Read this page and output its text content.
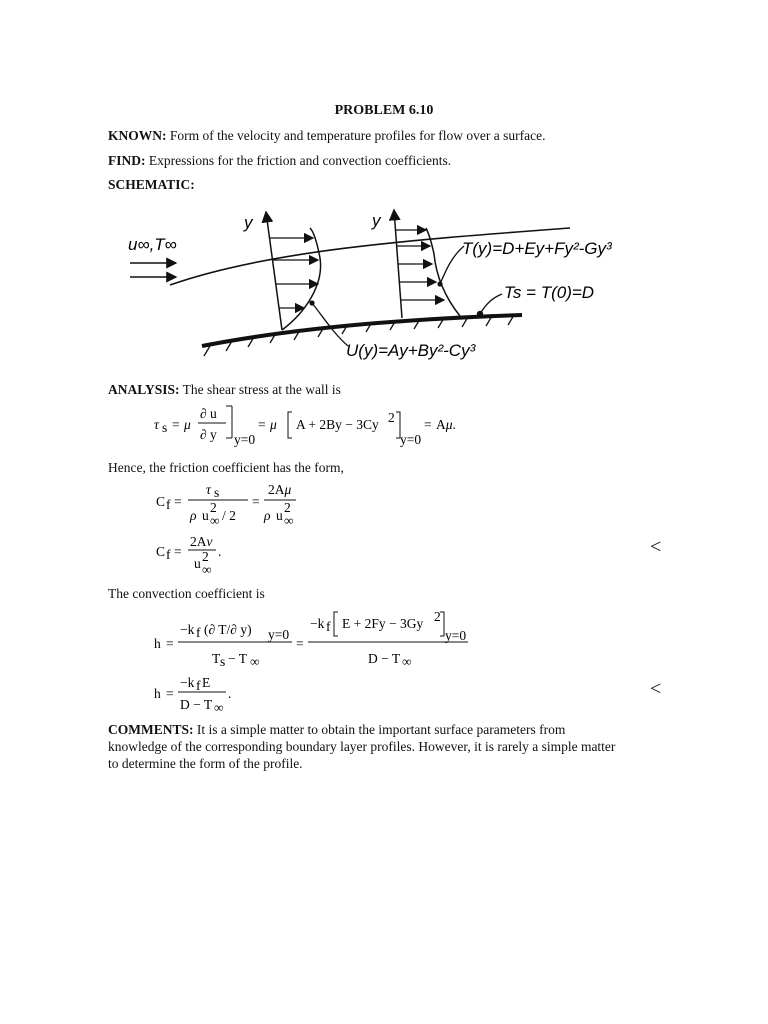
PROBLEM 6.10
KNOWN: Form of the velocity and temperature profiles for flow over a surface.
FIND: Expressions for the friction and convection coefficients.
SCHEMATIC:
u∞,T∞
y
U(y)=Ay+By²-Cy³
y
T(y)=D+Ey+Fy²-Gy³
Ts = T(0)=D
ANALYSIS: The shear stress at the wall is
τ s = μ
∂ u
∂ y y=0
= μ A + 2By − 3Cy 2
y=0
= Aμ.
Hence, the friction coefficient has the form,
C f =
τ s
ρ u
2
∞ / 2
=
2Aμ
ρ u
2
∞
C f =
2Aν
u 2
∞
.	<
The convection coefficient is
h =
−k f (∂ T/∂ y) y=0
T s − T ∞
=
−k f E + 2Fy − 3Gy 2
y=0
D − T ∞
h =
−k f E
D − T ∞
.	<
COMMENTS: It is a simple matter to obtain the important surface parameters from
knowledge of the corresponding boundary layer profiles. However, it is rarely a simple matter
to determine the form of the profile.
